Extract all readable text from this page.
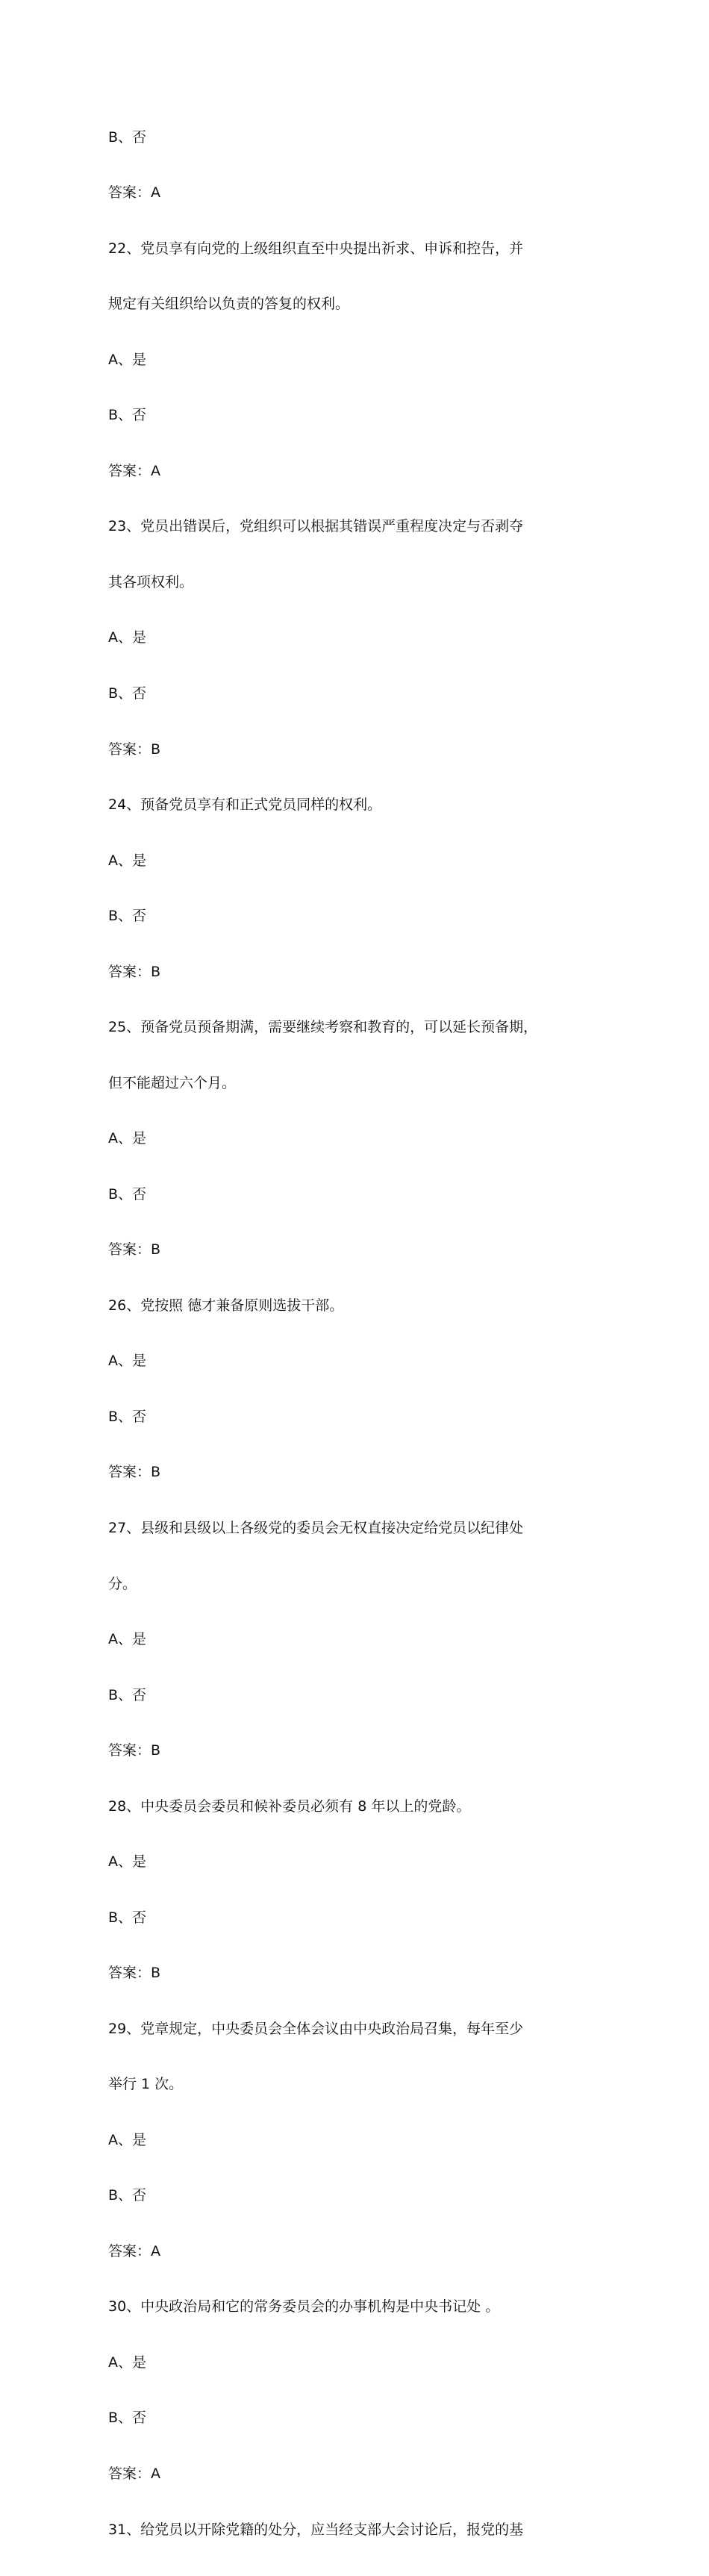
B、否

答案：A

22、党员享有向党的上级组织直至中央提出祈求、申诉和控告，并

规定有关组织给以负责的答复的权利。

A、是

B、否

答案：A

23、党员出错误后，党组织可以根据其错误严重程度决定与否剥夺

其各项权利。

A、是

B、否

答案：B

24、预备党员享有和正式党员同样的权利。

A、是

B、否

答案：B

25、预备党员预备期满，需要继续考察和教育的，可以延长预备期，

但不能超过六个月。

A、是

B、否

答案：B

26、党按照 德才兼备原则选拔干部。

A、是

B、否

答案：B

27、县级和县级以上各级党的委员会无权直接决定给党员以纪律处

分。

A、是

B、否

答案：B

28、中央委员会委员和候补委员必须有 8 年以上的党龄。

A、是

B、否

答案：B

29、党章规定，中央委员会全体会议由中央政治局召集，每年至少

举行 1 次。

A、是

B、否

答案：A

30、中央政治局和它的常务委员会的办事机构是中央书记处 。

A、是

B、否

答案：A

31、给党员以开除党籍的处分，应当经支部大会讨论后，报党的基
